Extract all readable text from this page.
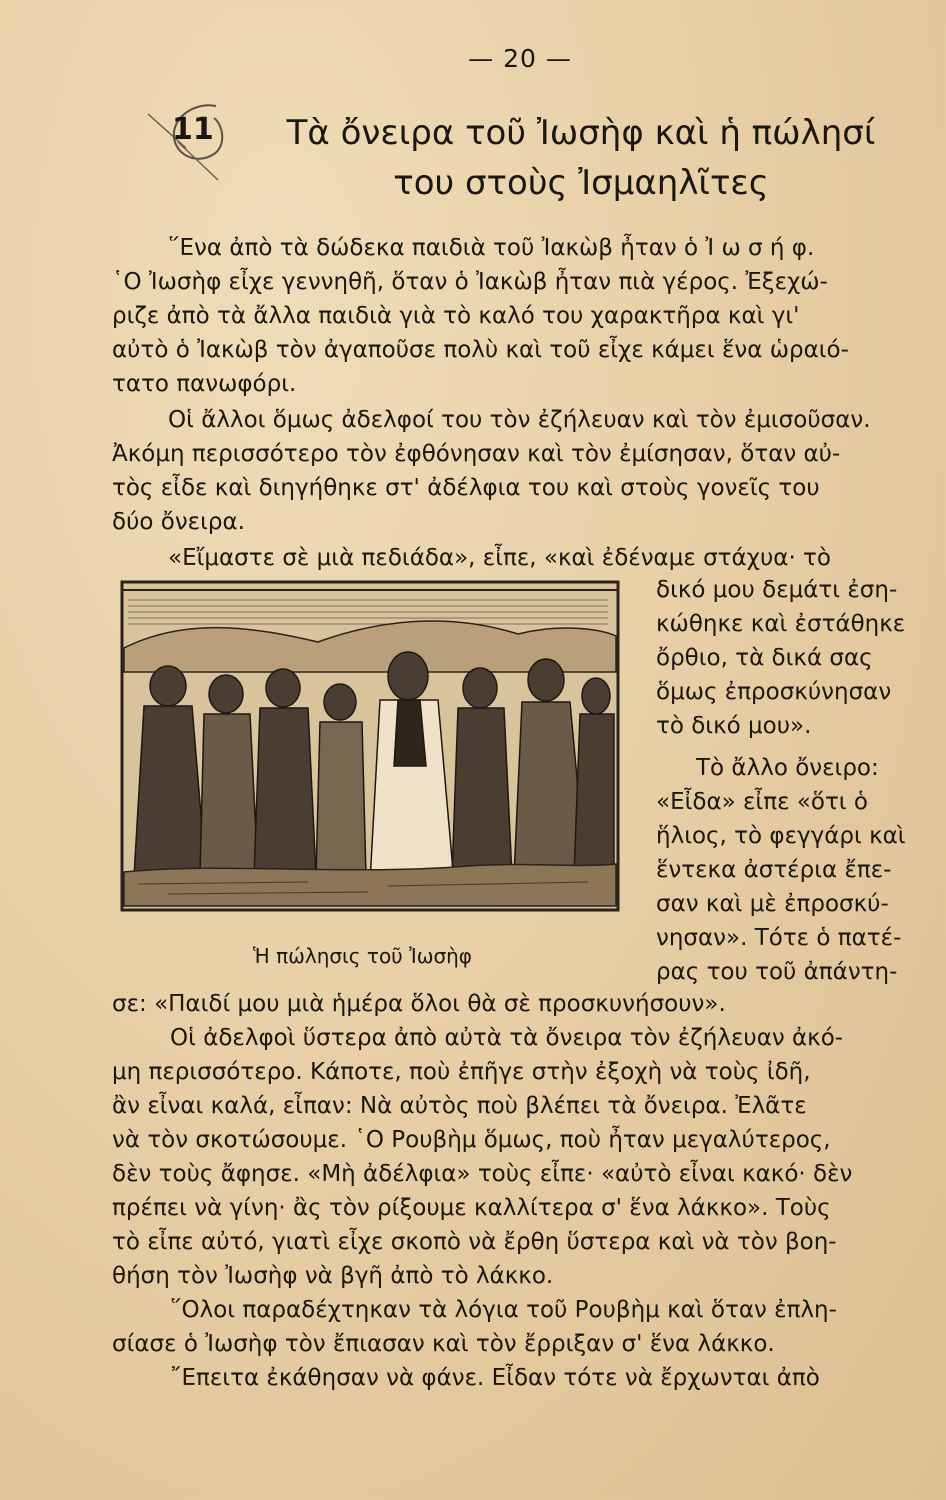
— 20 —
11	Τὰ ὄνειρα τοῦ Ἰωσὴφ καὶ ἡ πώλησί
του στοὺς Ἰσμαηλῖτες
῞Ενα ἀπὸ τὰ δώδεκα παιδιὰ τοῦ Ἰακὼβ ἦταν ὁ Ἰ ω σ ή φ.
῾Ο Ἰωσὴφ εἶχε γεννηθῆ, ὅταν ὁ Ἰακὼβ ἦταν πιὰ γέρος. Ἐξεχώ-
ριζε ἀπὸ τὰ ἄλλα παιδιὰ γιὰ τὸ καλό του χαρακτῆρα καὶ γι'
αὐτὸ ὁ Ἰακὼβ τὸν ἀγαποῦσε πολὺ καὶ τοῦ εἶχε κάμει ἕνα ὡραιό-
τατο πανωφόρι.
Οἱ ἄλλοι ὅμως ἀδελφοί του τὸν ἐζήλευαν καὶ τὸν ἐμισοῦσαν.
Ἀκόμη περισσότερο τὸν ἐφθόνησαν καὶ τὸν ἐμίσησαν, ὅταν αὐ-
τὸς εἶδε καὶ διηγήθηκε στ' ἀδέλφια του καὶ στοὺς γονεῖς του
δύο ὄνειρα.
«Εἴμαστε σὲ μιὰ πεδιάδα», εἶπε, «καὶ ἐδέναμε στάχυα· τὸ
δικό μου δεμάτι ἐση-
κώθηκε καὶ ἐστάθηκε
ὄρθιο, τὰ δικά σας
ὅμως ἐπροσκύνησαν
τὸ δικό μου».
Τὸ ἄλλο ὄνειρο:
«Εἶδα» εἶπε «ὅτι ὁ
ἥλιος, τὸ φεγγάρι καὶ
ἕντεκα ἀστέρια ἔπε-
σαν καὶ μὲ ἐπροσκύ-
νησαν». Τότε ὁ πατέ-
ρας του τοῦ ἀπάντη-
σε: «Παιδί μου μιὰ ἡμέρα ὅλοι θὰ σὲ προσκυνήσουν».
Οἱ ἀδελφοὶ ὕστερα ἀπὸ αὐτὰ τὰ ὄνειρα τὸν ἐζήλευαν ἀκό-
μη περισσότερο. Κάποτε, ποὺ ἐπῆγε στὴν ἐξοχὴ νὰ τοὺς ἰδῆ,
ἂν εἶναι καλά, εἶπαν: Νὰ αὐτὸς ποὺ βλέπει τὰ ὄνειρα. Ἐλᾶτε
νὰ τὸν σκοτώσουμε. ῾Ο Ρουβὴμ ὅμως, ποὺ ἦταν μεγαλύτερος,
δὲν τοὺς ἄφησε. «Μὴ ἀδέλφια» τοὺς εἶπε· «αὐτὸ εἶναι κακό· δὲν
πρέπει νὰ γίνη· ἂς τὸν ρίξουμε καλλίτερα σ' ἕνα λάκκο». Τοὺς
τὸ εἶπε αὐτό, γιατὶ εἶχε σκοπὸ νὰ ἔρθη ὕστερα καὶ νὰ τὸν βοη-
θήση τὸν Ἰωσὴφ νὰ βγῆ ἀπὸ τὸ λάκκο.
῞Ολοι παραδέχτηκαν τὰ λόγια τοῦ Ρουβὴμ καὶ ὅταν ἐπλη-
σίασε ὁ Ἰωσὴφ τὸν ἔπιασαν καὶ τὸν ἔρριξαν σ' ἕνα λάκκο.
῎Επειτα ἐκάθησαν νὰ φάνε. Εἶδαν τότε νὰ ἔρχωνται ἀπὸ
Ἡ πώλησις τοῦ Ἰωσὴφ
